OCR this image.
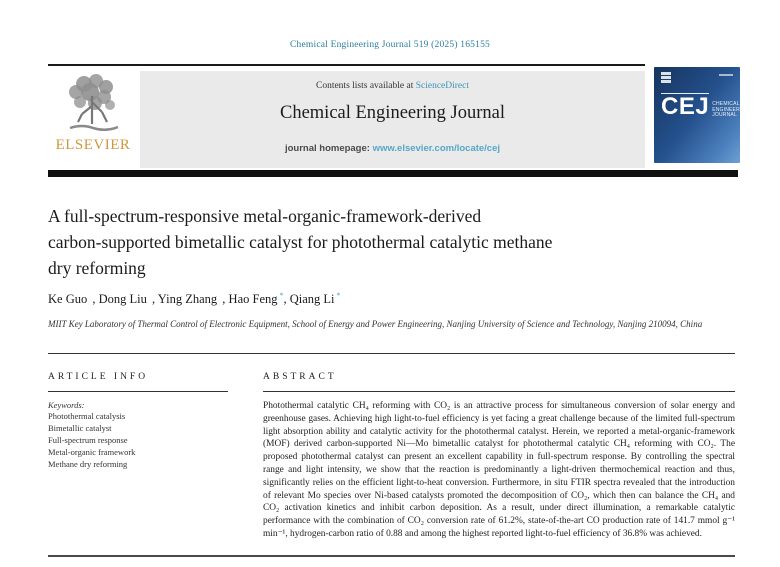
Chemical Engineering Journal 519 (2025) 165155
ELSEVIER
Contents lists available at ScienceDirect
Chemical Engineering Journal
journal homepage: www.elsevier.com/locate/cej
CEJ CHEMICAL ENGINEERING JOURNAL
A full-spectrum-responsive metal-organic-framework-derived
carbon-supported bimetallic catalyst for photothermal catalytic methane
dry reforming
Ke Guo , Dong Liu , Ying Zhang , Hao Feng *, Qiang Li *
MIIT Key Laboratory of Thermal Control of Electronic Equipment, School of Energy and Power Engineering, Nanjing University of Science and Technology, Nanjing 210094, China
ARTICLE INFO
Keywords:
Photothermal catalysis
Bimetallic catalyst
Full-spectrum response
Metal-organic framework
Methane dry reforming
ABSTRACT
Photothermal catalytic CH₄ reforming with CO₂ is an attractive process for simultaneous conversion of solar energy and greenhouse gases. Achieving high light-to-fuel efficiency is yet facing a great challenge because of the limited full-spectrum light absorption ability and catalytic activity for the photothermal catalyst. Herein, we reported a metal-organic-framework (MOF) derived carbon-supported Ni—Mo bimetallic catalyst for photothermal catalytic CH₄ reforming with CO₂. The proposed photothermal catalyst can present an excellent capability in full-spectrum response. By controlling the spectral range and light intensity, we show that the reaction is predominantly a light-driven thermochemical reaction and thus, significantly relies on the efficient light-to-heat conversion. Furthermore, in situ FTIR spectra revealed that the introduction of relevant Mo species over Ni-based catalysts promoted the decomposition of CO₂, which then can balance the CH₄ and CO₂ activation kinetics and inhibit carbon deposition. As a result, under direct illumination, a remarkable catalytic performance with the combination of CO₂ conversion rate of 61.2%, state-of-the-art CO production rate of 141.7 mmol g⁻¹ min⁻¹, hydrogen-carbon ratio of 0.88 and among the highest reported light-to-fuel efficiency of 36.8% was achieved.
